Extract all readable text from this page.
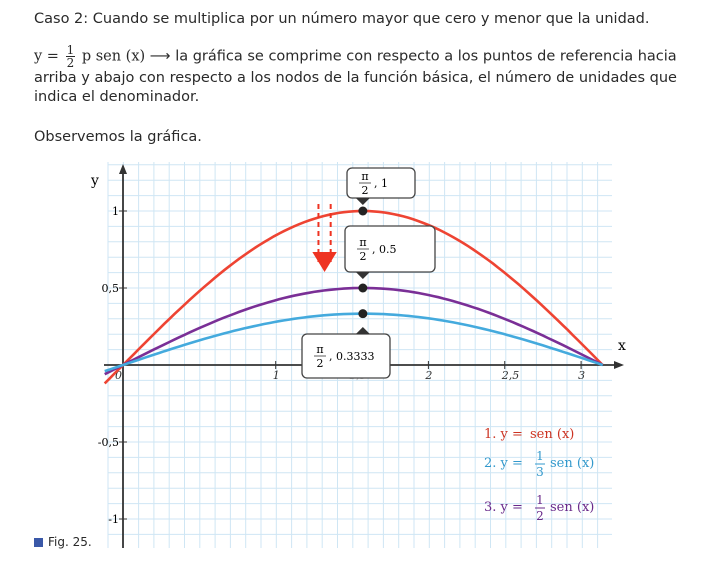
Caso 2: Cuando se multiplica por un número mayor que cero y menor que la unidad.
$y = \frac{1}{2}$ p sen (x) ⟶ la gráfica se comprime con respecto a los puntos de referencia hacia arriba y abajo con respecto a los nodos de la función básica, el número de unidades que indica el denominador.
Observemos la gráfica.
y
x
0	1	2	2,5	3
1
0,5
-0,5
-1
π
2
, 1
π
2
, 0.5
π
2
, 0.3333
1. y = sen (x)
2. y = 1
3
sen (x)
3. y = 1
2
sen (x)
Fig. 25.
